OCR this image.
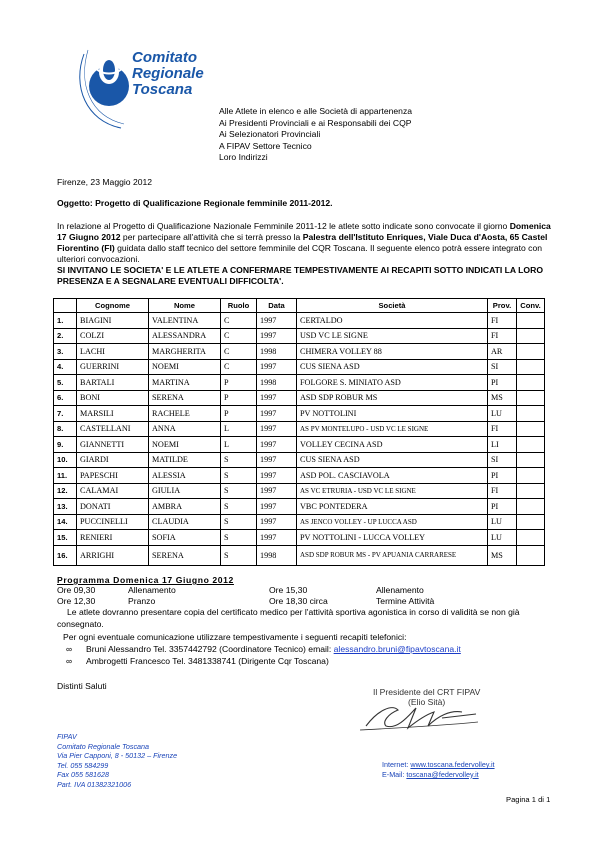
Comitato
Regionale
Toscana
Alle Atlete in elenco e alle Società di appartenenza
Ai Presidenti Provinciali e ai Responsabili dei CQP
Ai Selezionatori Provinciali
A FIPAV Settore Tecnico
Loro Indirizzi
Firenze, 23 Maggio 2012
Oggetto: Progetto di Qualificazione Regionale femminile 2011-2012.

In relazione al Progetto di Qualificazione Nazionale Femminile 2011-12 le atlete sotto indicate sono convocate il giorno Domenica 17 Giugno 2012 per partecipare all'attività che si terrà presso la Palestra dell'Istituto Enriques, Viale Duca d'Aosta, 65 Castel Fiorentino (FI) guidata dallo staff tecnico del settore femminile del CQR Toscana. Il seguente elenco potrà essere integrato con ulteriori convocazioni.

SI INVITANO LE SOCIETA' E LE ATLETE A CONFERMARE TEMPESTIVAMENTE AI RECAPITI SOTTO INDICATI LA LORO PRESENZA E A SEGNALARE EVENTUALI DIFFICOLTA'.
	Cognome	Nome	Ruolo	Data	Società	Prov.	Conv.
1.	BIAGINI	VALENTINA	C	1997	CERTALDO	FI	
2.	COLZI	ALESSANDRA	C	1997	USD VC LE SIGNE	FI	
3.	LACHI	MARGHERITA	C	1998	CHIMERA VOLLEY 88	AR	
4.	GUERRINI	NOEMI	C	1997	CUS SIENA ASD	SI	
5.	BARTALI	MARTINA	P	1998	FOLGORE S. MINIATO ASD	PI	
6.	BONI	SERENA	P	1997	ASD SDP ROBUR MS	MS	
7.	MARSILI	RACHELE	P	1997	PV NOTTOLINI	LU	
8.	CASTELLANI	ANNA	L	1997	AS PV MONTELUPO - USD VC LE SIGNE	FI	
9.	GIANNETTI	NOEMI	L	1997	VOLLEY CECINA ASD	LI	
10.	GIARDI	MATILDE	S	1997	CUS SIENA ASD	SI	
11.	PAPESCHI	ALESSIA	S	1997	ASD POL. CASCIAVOLA	PI	
12.	CALAMAI	GIULIA	S	1997	AS VC ETRURIA - USD VC LE SIGNE	FI	
13.	DONATI	AMBRA	S	1997	VBC PONTEDERA	PI	
14.	PUCCINELLI	CLAUDIA	S	1997	AS JENCO VOLLEY - UP LUCCA ASD	LU	
15.	RENIERI	SOFIA	S	1997	PV NOTTOLINI - LUCCA VOLLEY	LU	
16.	ARRIGHI	SERENA	S	1998	ASD SDP ROBUR MS - PV APUANIA CARRARESE	MS	
Programma Domenica 17 Giugno 2012
Ore 09,30	Allenamento
Ore 12,30	Pranzo
Ore 15,30	Allenamento
Ore 18,30 circa	Termine Attività
Le atlete dovranno presentare copia del certificato medico per l'attività sportiva agonistica in corso di validità se non già consegnato.
Per ogni eventuale comunicazione utilizzare tempestivamente i seguenti recapiti telefonici:
∞ Bruni Alessandro Tel. 3357442792 (Coordinatore Tecnico) email: alessandro.bruni@fipavtoscana.it
∞ Ambrogetti Francesco Tel. 3481338741 (Dirigente Cqr Toscana)
Distinti Saluti
Il Presidente del CRT FIPAV
(Elio Sità)
FIPAV
Comitato Regionale Toscana
Via Pier Capponi, 8 - 50132 – Firenze
Tel. 055 584299
Fax 055 581628
Part. IVA 01382321006
Internet: www.toscana.federvolley.it
E-Mail: toscana@federvolley.it
Pagina 1 di 1
